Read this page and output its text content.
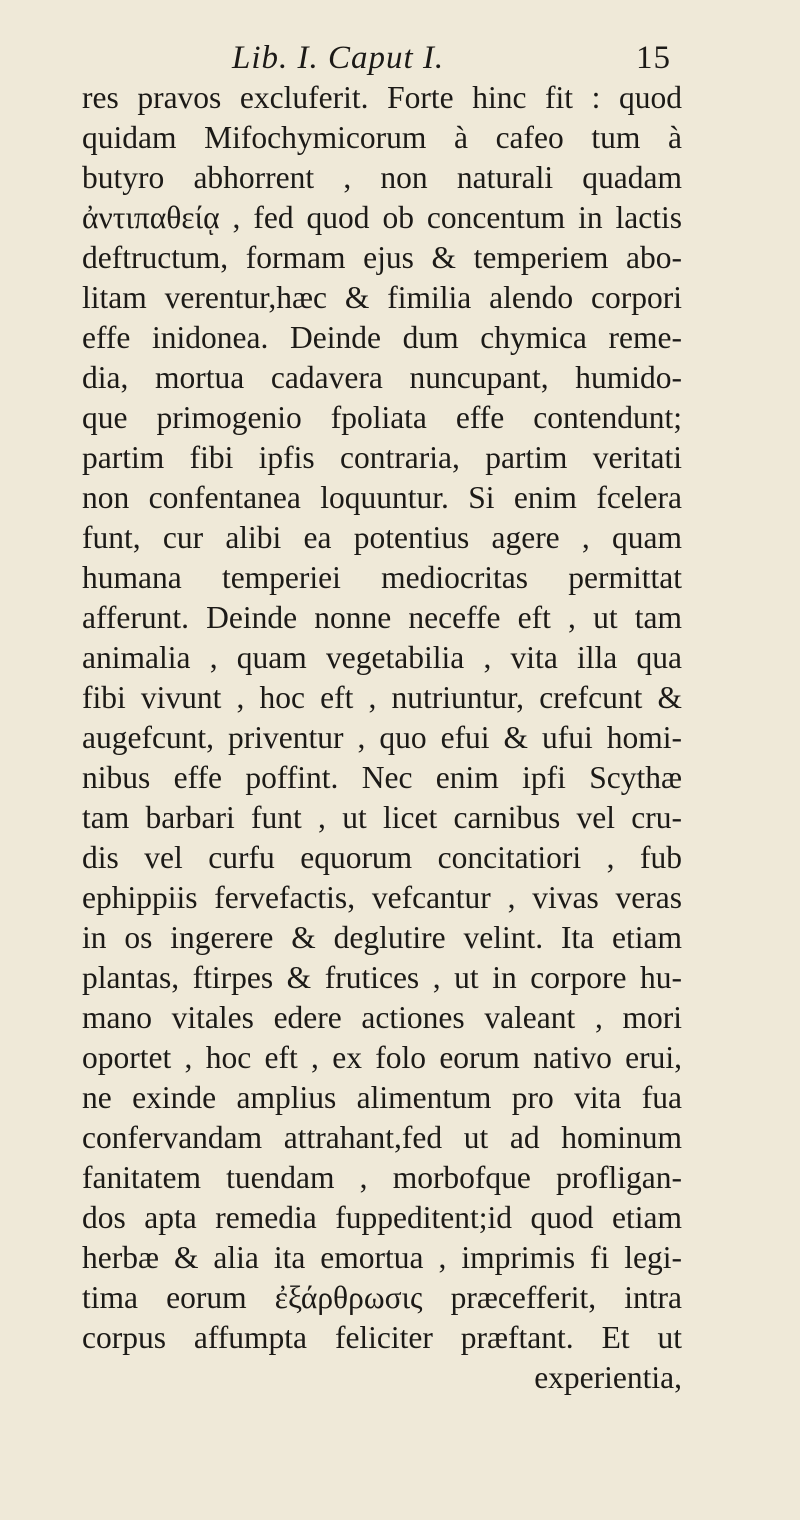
Lib. I. Caput I.	15
res pravos excluferit. Forte hinc fit : quod
quidam Mifochymicorum à cafeo tum à
butyro abhorrent , non naturali quadam
ἀντιπαθείᾳ , fed quod ob concentum in lactis
deftructum, formam ejus & temperiem abo-
litam verentur,hæc & fimilia alendo corpori
effe inidonea. Deinde dum chymica reme-
dia, mortua cadavera nuncupant, humido-
que primogenio fpoliata effe contendunt;
partim fibi ipfis contraria, partim veritati
non confentanea loquuntur. Si enim fcelera
funt, cur alibi ea potentius agere , quam
humana temperiei mediocritas permittat
afferunt. Deinde nonne neceffe eft , ut tam
animalia , quam vegetabilia , vita illa qua
fibi vivunt , hoc eft , nutriuntur, crefcunt &
augefcunt, priventur , quo efui & ufui homi-
nibus effe poffint. Nec enim ipfi Scythæ
tam barbari funt , ut licet carnibus vel cru-
dis vel curfu equorum concitatiori , fub
ephippiis fervefactis, vefcantur , vivas veras
in os ingerere & deglutire velint. Ita etiam
plantas, ftirpes & frutices , ut in corpore hu-
mano vitales edere actiones valeant , mori
oportet , hoc eft , ex folo eorum nativo erui,
ne exinde amplius alimentum pro vita fua
confervandam attrahant,fed ut ad hominum
fanitatem tuendam , morbofque profligan-
dos apta remedia fuppeditent;id quod etiam
herbæ & alia ita emortua , imprimis fi legi-
tima eorum ἐξάρθρωσις præcefferit, intra
corpus affumpta feliciter præftant. Et ut
experientia,
